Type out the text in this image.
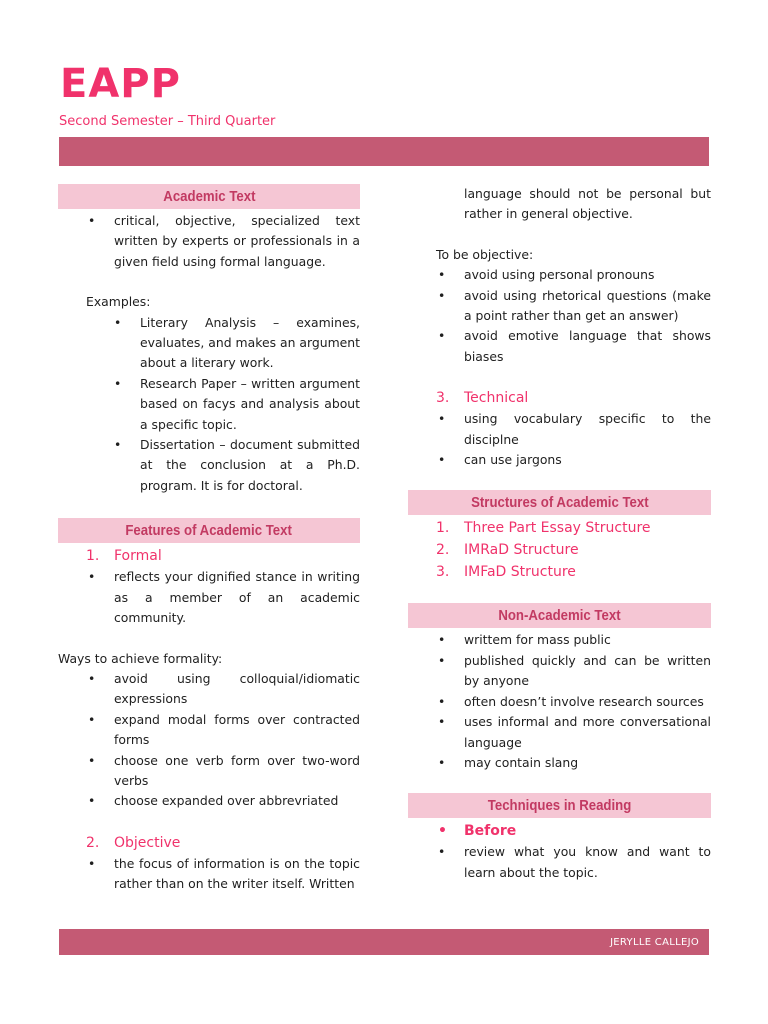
EAPP
Second Semester – Third Quarter
Academic Text
• critical, objective, specialized text written by experts or professionals in a given field using formal language.
Examples:
• Literary Analysis – examines, evaluates, and makes an argument about a literary work.
• Research Paper – written argument based on facys and analysis about a specific topic.
• Dissertation – document submitted at the conclusion at a Ph.D. program. It is for doctoral.
Features of Academic Text
1. Formal
• reflects your dignified stance in writing as a member of an academic community.
Ways to achieve formality:
• avoid using colloquial/idiomatic expressions
• expand modal forms over contracted forms
• choose one verb form over two-word verbs
• choose expanded over abbrevriated
2. Objective
• the focus of information is on the topic rather than on the writer itself. Written
language should not be personal but rather in general objective.
To be objective:
• avoid using personal pronouns
• avoid using rhetorical questions (make a point rather than get an answer)
• avoid emotive language that shows biases
3. Technical
• using vocabulary specific to the disciplne
• can use jargons
Structures of Academic Text
1. Three Part Essay Structure
2. IMRaD Structure
3. IMFaD Structure
Non-Academic Text
• writtem for mass public
• published quickly and can be written by anyone
• often doesn’t involve research sources
• uses informal and more conversational language
• may contain slang
Techniques in Reading
• Before
• review what you know and want to learn about the topic.
JERYLLE CALLEJO
